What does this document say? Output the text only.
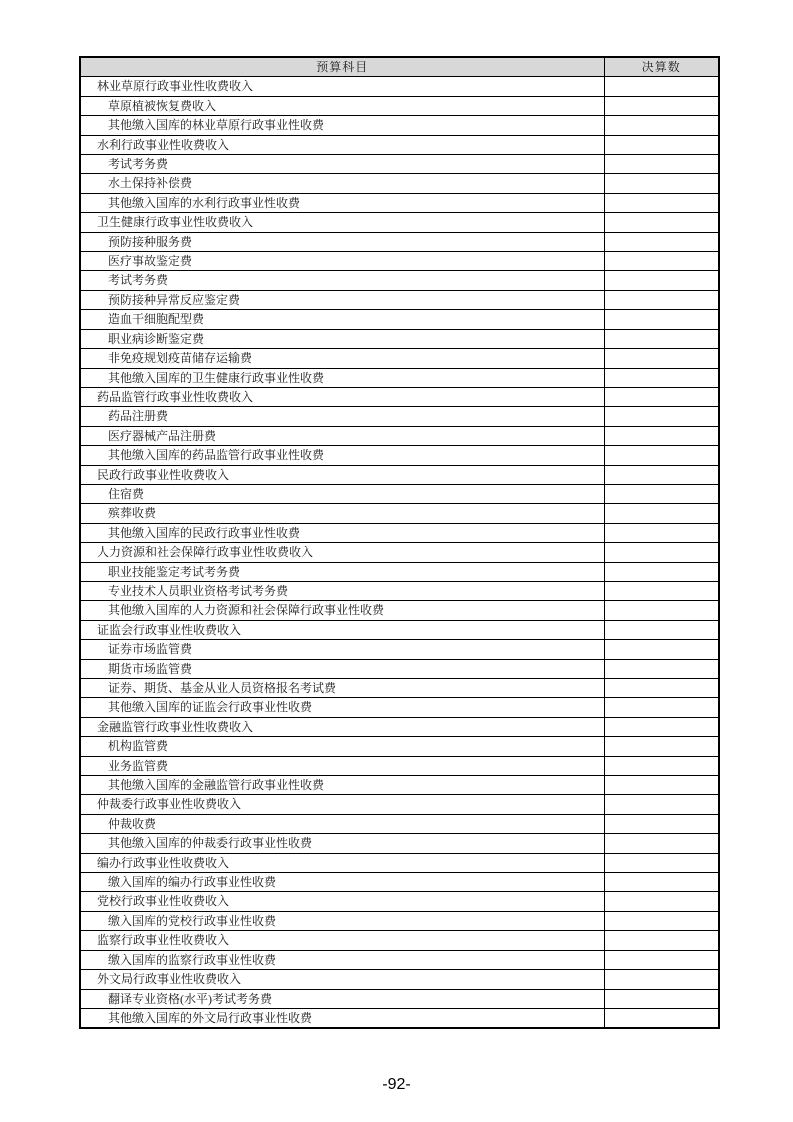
预算科目	决算数
林业草原行政事业性收费收入	
草原植被恢复费收入	
其他缴入国库的林业草原行政事业性收费	
水利行政事业性收费收入	
考试考务费	
水土保持补偿费	
其他缴入国库的水利行政事业性收费	
卫生健康行政事业性收费收入	
预防接种服务费	
医疗事故鉴定费	
考试考务费	
预防接种异常反应鉴定费	
造血干细胞配型费	
职业病诊断鉴定费	
非免疫规划疫苗储存运输费	
其他缴入国库的卫生健康行政事业性收费	
药品监管行政事业性收费收入	
药品注册费	
医疗器械产品注册费	
其他缴入国库的药品监管行政事业性收费	
民政行政事业性收费收入	
住宿费	
殡葬收费	
其他缴入国库的民政行政事业性收费	
人力资源和社会保障行政事业性收费收入	
职业技能鉴定考试考务费	
专业技术人员职业资格考试考务费	
其他缴入国库的人力资源和社会保障行政事业性收费	
证监会行政事业性收费收入	
证券市场监管费	
期货市场监管费	
证券、期货、基金从业人员资格报名考试费	
其他缴入国库的证监会行政事业性收费	
金融监管行政事业性收费收入	
机构监管费	
业务监管费	
其他缴入国库的金融监管行政事业性收费	
仲裁委行政事业性收费收入	
仲裁收费	
其他缴入国库的仲裁委行政事业性收费	
编办行政事业性收费收入	
缴入国库的编办行政事业性收费	
党校行政事业性收费收入	
缴入国库的党校行政事业性收费	
监察行政事业性收费收入	
缴入国库的监察行政事业性收费	
外文局行政事业性收费收入	
翻译专业资格(水平)考试考务费	
其他缴入国库的外文局行政事业性收费	
-92-
